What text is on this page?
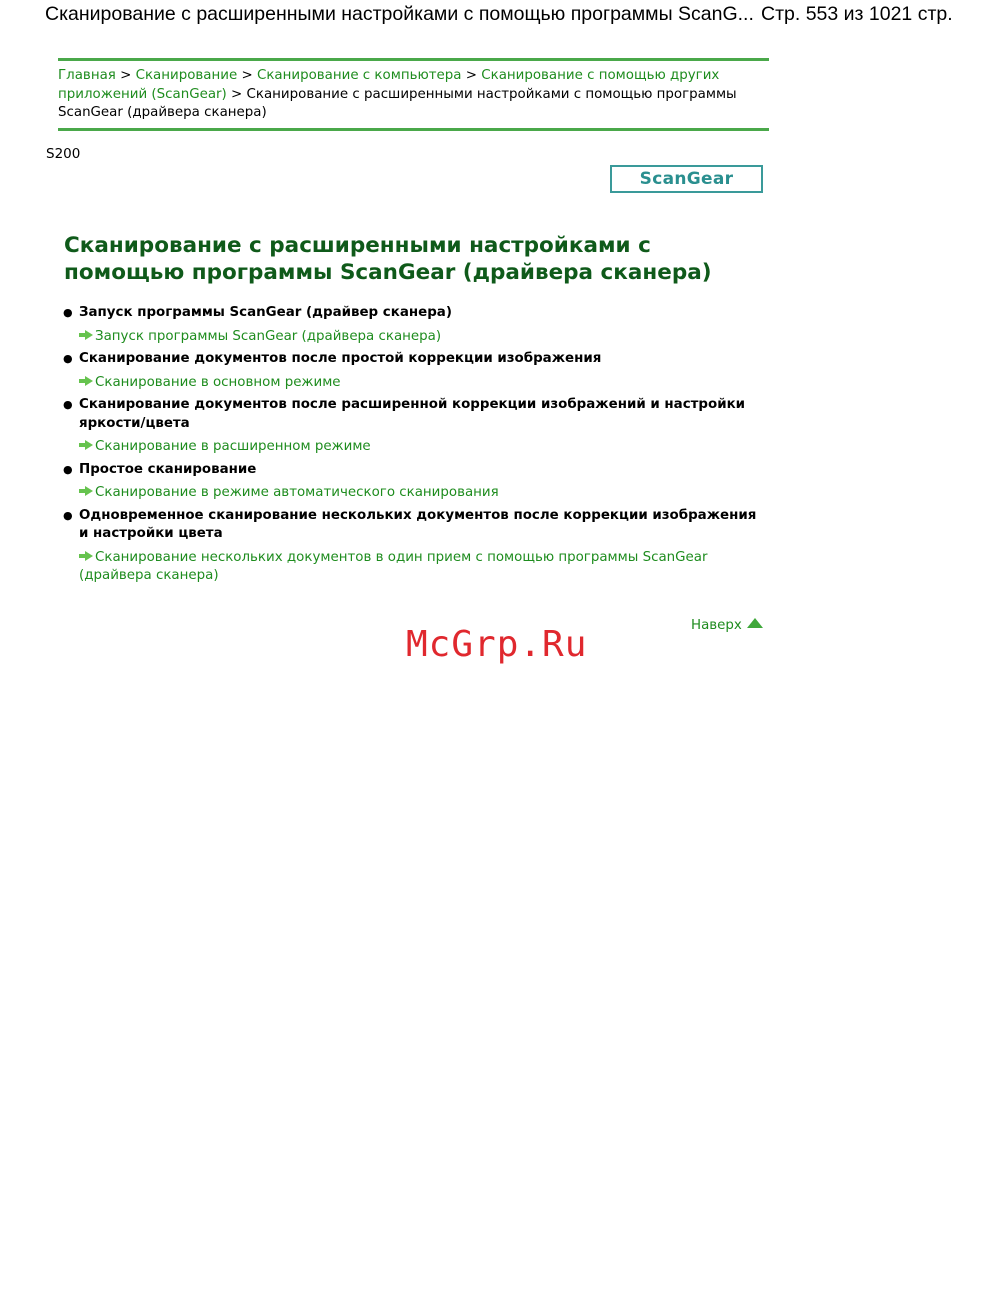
Сканирование с расширенными настройками с помощью программы ScanG... Стр. 553 из 1021 стр.
Главная > Сканирование > Сканирование с компьютера > Сканирование с помощью других приложений (ScanGear) > Сканирование с расширенными настройками с помощью программы ScanGear (драйвера сканера)
S200
ScanGear
Сканирование с расширенными настройками с помощью программы ScanGear (драйвера сканера)
● Запуск программы ScanGear (драйвер сканера)
Запуск программы ScanGear (драйвера сканера)
● Сканирование документов после простой коррекции изображения
Сканирование в основном режиме
● Сканирование документов после расширенной коррекции изображений и настройки яркости/цвета
Сканирование в расширенном режиме
● Простое сканирование
Сканирование в режиме автоматического сканирования
● Одновременное сканирование нескольких документов после коррекции изображения и настройки цвета
Сканирование нескольких документов в один прием с помощью программы ScanGear (драйвера сканера)
Наверх
McGrp.Ru
